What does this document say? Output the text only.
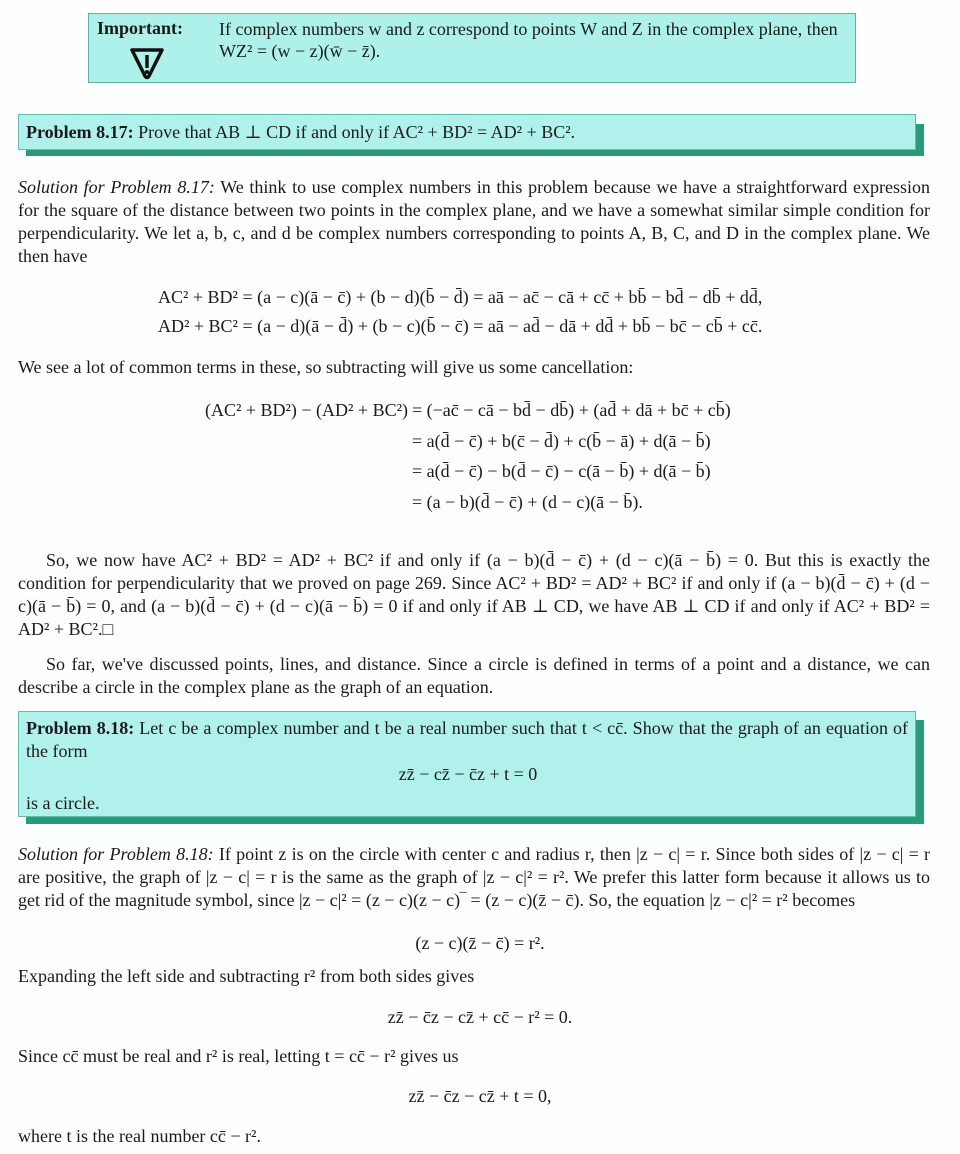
Important: If complex numbers w and z correspond to points W and Z in the complex plane, then WZ² = (w − z)(w̄ − z̄).
Problem 8.17: Prove that AB ⊥ CD if and only if AC² + BD² = AD² + BC².
Solution for Problem 8.17: We think to use complex numbers in this problem because we have a straightforward expression for the square of the distance between two points in the complex plane, and we have a somewhat similar simple condition for perpendicularity. We let a, b, c, and d be complex numbers corresponding to points A, B, C, and D in the complex plane. We then have
AC² + BD² = (a − c)(ā − c̄) + (b − d)(b̄ − d̄) = aā − ac̄ − cā + cc̄ + bb̄ − bd̄ − db̄ + dd̄,
AD² + BC² = (a − d)(ā − d̄) + (b − c)(b̄ − c̄) = aā − ad̄ − dā + dd̄ + bb̄ − bc̄ − cb̄ + cc̄.
We see a lot of common terms in these, so subtracting will give us some cancellation:
(AC² + BD²) − (AD² + BC²) = (−ac̄ − cā − bd̄ − db̄) + (ad̄ + dā + bc̄ + cb̄)
= a(d̄ − c̄) + b(c̄ − d̄) + c(b̄ − ā) + d(ā − b̄)
= a(d̄ − c̄) − b(d̄ − c̄) − c(ā − b̄) + d(ā − b̄)
= (a − b)(d̄ − c̄) + (d − c)(ā − b̄).
So, we now have AC² + BD² = AD² + BC² if and only if (a − b)(d̄ − c̄) + (d − c)(ā − b̄) = 0. But this is exactly the condition for perpendicularity that we proved on page 269. Since AC² + BD² = AD² + BC² if and only if (a − b)(d̄ − c̄) + (d − c)(ā − b̄) = 0, and (a − b)(d̄ − c̄) + (d − c)(ā − b̄) = 0 if and only if AB ⊥ CD, we have AB ⊥ CD if and only if AC² + BD² = AD² + BC².□
So far, we've discussed points, lines, and distance. Since a circle is defined in terms of a point and a distance, we can describe a circle in the complex plane as the graph of an equation.
Problem 8.18: Let c be a complex number and t be a real number such that t < cc̄. Show that the graph of an equation of the form
zz̄ − cz̄ − c̄z + t = 0
is a circle.
Solution for Problem 8.18: If point z is on the circle with center c and radius r, then |z − c| = r. Since both sides of |z − c| = r are positive, the graph of |z − c| = r is the same as the graph of |z − c|² = r². We prefer this latter form because it allows us to get rid of the magnitude symbol, since |z − c|² = (z − c)(z − c)‾ = (z − c)(z̄ − c̄). So, the equation |z − c|² = r² becomes
(z − c)(z̄ − c̄) = r².
Expanding the left side and subtracting r² from both sides gives
zz̄ − c̄z − cz̄ + cc̄ − r² = 0.
Since cc̄ must be real and r² is real, letting t = cc̄ − r² gives us
zz̄ − c̄z − cz̄ + t = 0,
where t is the real number cc̄ − r².
